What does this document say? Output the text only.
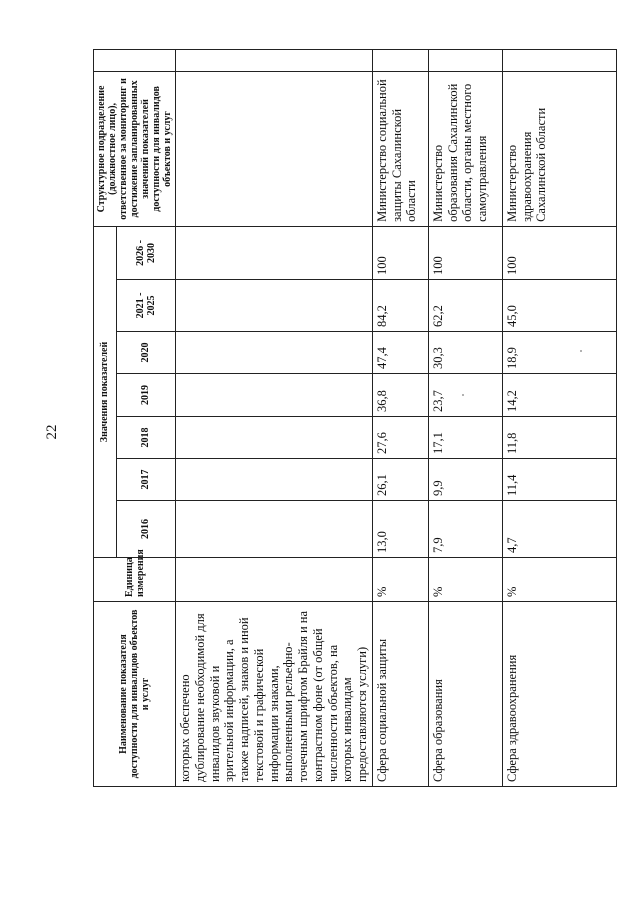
22
Наименование показателя доступности для инвалидов объектов и услуг	Единица измерения	Значения показателей							Структурное подразделение (должностное лицо), ответственное за мониторинг и достижение запланированных значений показателей доступности для инвалидов объектов и услуг	
		2016	2017	2018	2019	2020	2021 - 2025	2026 - 2030		
которых обеспечено дублирование необходимой для инвалидов звуковой и зрительной информации, а также надписей, знаков и иной текстовой и графической информации знаками, выполненными рельефно-точечным шрифтом Брайля и на контрастном фоне (от общей численности объектов, на которых инвалидам предоставляются услуги)										
Сфера социальной защиты	%	13,0	26,1	27,6	36,8	47,4	84,2	100	Министерство социальной защиты Сахалинской области	
Сфера образования	%	7,9	9,9	17,1	23,7	30,3	62,2	100	Министерство образования Сахалинской области, органы местного самоуправления	
Сфера здравоохранения	%	4,7	11,4	11,8	14,2	18,9	45,0	100	Министерство здравоохранения Сахалинской области	
